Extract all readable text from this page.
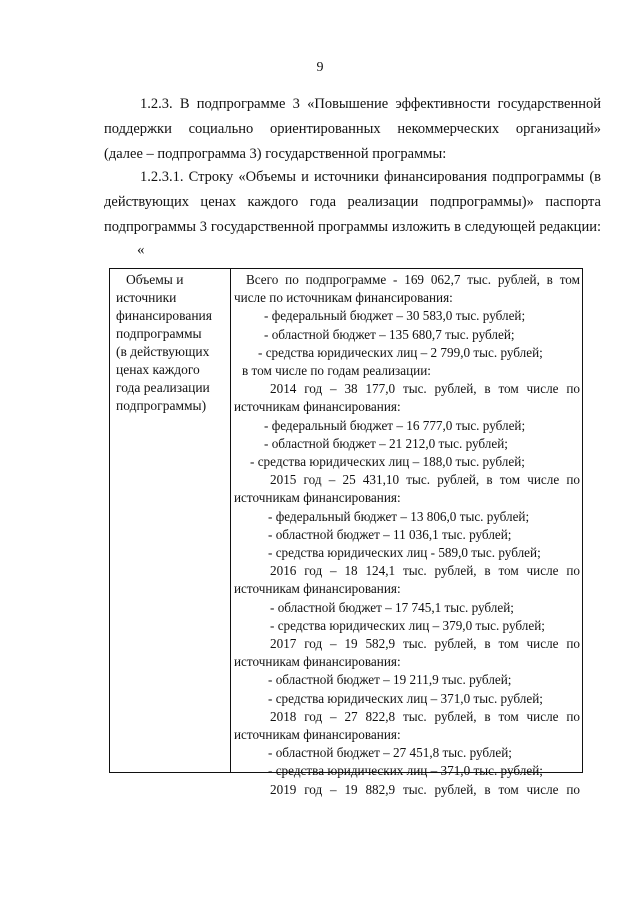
9
1.2.3. В подпрограмме 3 «Повышение эффективности государственной
поддержки социально ориентированных некоммерческих организаций»
(далее – подпрограмма 3) государственной программы:
1.2.3.1. Строку «Объемы и источники финансирования подпрограммы (в
действующих ценах каждого года реализации подпрограммы)» паспорта
подпрограммы 3 государственной программы изложить в следующей редакции:
«
Объемы и
источники
финансирования
подпрограммы
(в действующих
ценах каждого
года реализации
подпрограммы)
Всего по подпрограмме - 169 062,7 тыс. рублей, в том
числе по источникам финансирования:
- федеральный бюджет – 30 583,0 тыс. рублей;
- областной бюджет – 135 680,7 тыс. рублей;
- средства юридических лиц – 2 799,0 тыс. рублей;
в том числе по годам реализации:
2014 год – 38 177,0 тыс. рублей, в том числе по
источникам финансирования:
- федеральный бюджет – 16 777,0 тыс. рублей;
- областной бюджет – 21 212,0 тыс. рублей;
- средства юридических лиц – 188,0 тыс. рублей;
2015 год – 25 431,10 тыс. рублей, в том числе по
источникам финансирования:
- федеральный бюджет – 13 806,0 тыс. рублей;
- областной бюджет – 11 036,1 тыс. рублей;
- средства юридических лиц - 589,0 тыс. рублей;
2016 год – 18 124,1 тыс. рублей, в том числе по
источникам финансирования:
- областной бюджет – 17 745,1 тыс. рублей;
- средства юридических лиц – 379,0 тыс. рублей;
2017 год – 19 582,9 тыс. рублей, в том числе по
источникам финансирования:
- областной бюджет – 19 211,9 тыс. рублей;
- средства юридических лиц – 371,0 тыс. рублей;
2018 год – 27 822,8 тыс. рублей, в том числе по
источникам финансирования:
- областной бюджет – 27 451,8 тыс. рублей;
- средства юридических лиц – 371,0 тыс. рублей;
2019 год – 19 882,9 тыс. рублей, в том числе по
